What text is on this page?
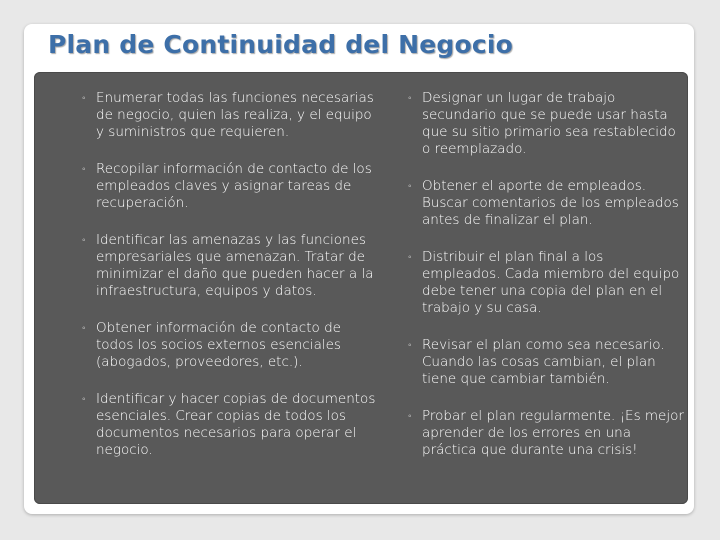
Plan de Continuidad del Negocio
◦ Enumerar todas las funciones necesarias de negocio, quien las realiza, y el equipo y suministros que requieren.
◦ Recopilar información de contacto de los empleados claves y asignar tareas de recuperación.
◦ Identificar las amenazas y las funciones empresariales que amenazan. Tratar de minimizar el daño que pueden hacer a la infraestructura, equipos y datos.
◦ Obtener información de contacto de todos los socios externos esenciales (abogados, proveedores, etc.).
◦ Identificar y hacer copias de documentos esenciales. Crear copias de todos los documentos necesarios para operar el negocio.
◦ Designar un lugar de trabajo secundario que se puede usar hasta que su sitio primario sea restablecido o reemplazado.
◦ Obtener el aporte de empleados. Buscar comentarios de los empleados antes de finalizar el plan.
◦ Distribuir el plan final a los empleados. Cada miembro del equipo debe tener una copia del plan en el trabajo y su casa.
◦ Revisar el plan como sea necesario. Cuando las cosas cambian, el plan tiene que cambiar también.
◦ Probar el plan regularmente. ¡Es mejor aprender de los errores en una práctica que durante una crisis!
